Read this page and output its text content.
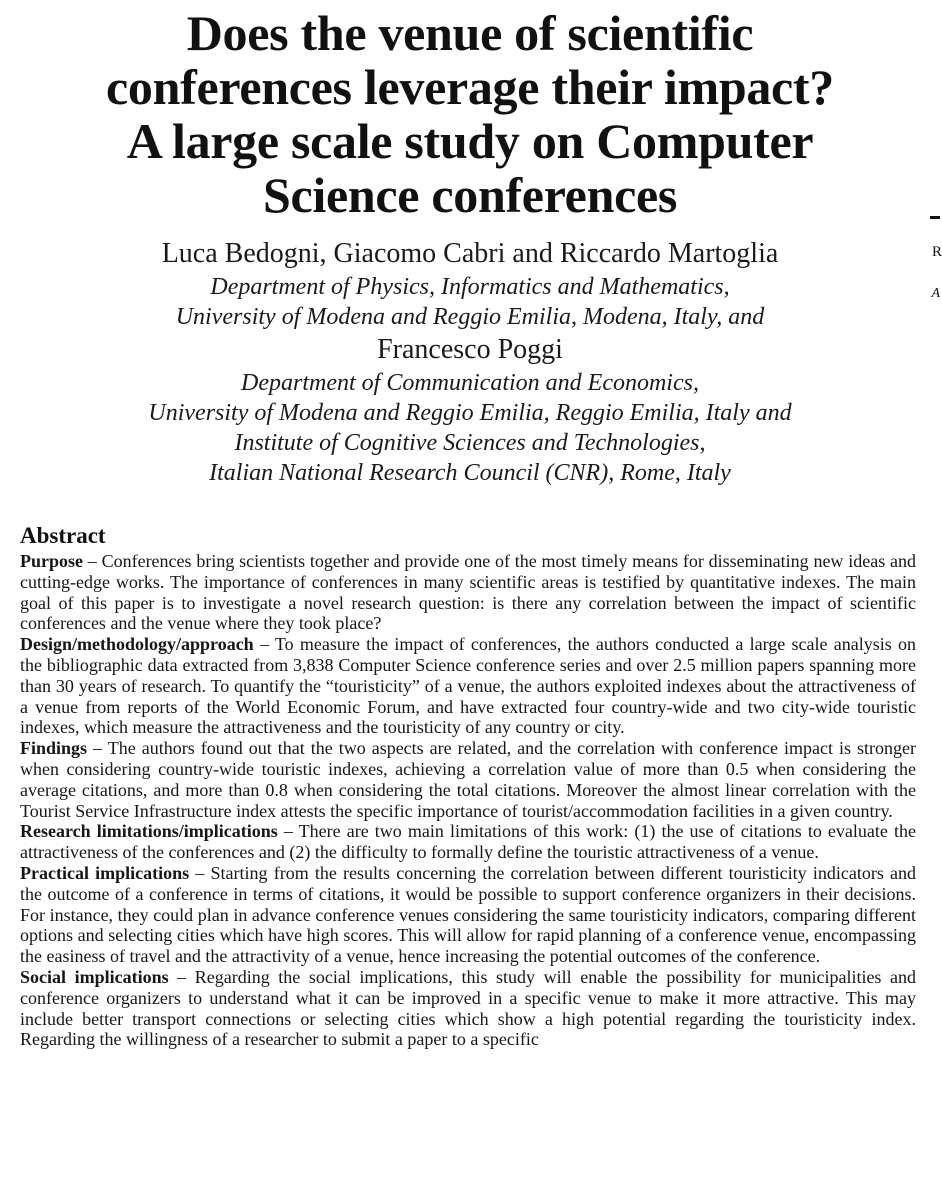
Does the venue of scientific
conferences leverage their impact?
A large scale study on Computer
Science conferences
R
A
Luca Bedogni, Giacomo Cabri and Riccardo Martoglia
Department of Physics, Informatics and Mathematics,
University of Modena and Reggio Emilia, Modena, Italy, and
Francesco Poggi
Department of Communication and Economics,
University of Modena and Reggio Emilia, Reggio Emilia, Italy and
Institute of Cognitive Sciences and Technologies,
Italian National Research Council (CNR), Rome, Italy
Abstract

Purpose – Conferences bring scientists together and provide one of the most timely means for disseminating new ideas and cutting-edge works. The importance of conferences in many scientific areas is testified by quantitative indexes. The main goal of this paper is to investigate a novel research question: is there any correlation between the impact of scientific conferences and the venue where they took place?

Design/methodology/approach – To measure the impact of conferences, the authors conducted a large scale analysis on the bibliographic data extracted from 3,838 Computer Science conference series and over 2.5 million papers spanning more than 30 years of research. To quantify the “touristicity” of a venue, the authors exploited indexes about the attractiveness of a venue from reports of the World Economic Forum, and have extracted four country-wide and two city-wide touristic indexes, which measure the attractiveness and the touristicity of any country or city.

Findings – The authors found out that the two aspects are related, and the correlation with conference impact is stronger when considering country-wide touristic indexes, achieving a correlation value of more than 0.5 when considering the average citations, and more than 0.8 when considering the total citations. Moreover the almost linear correlation with the Tourist Service Infrastructure index attests the specific importance of tourist/accommodation facilities in a given country.

Research limitations/implications – There are two main limitations of this work: (1) the use of citations to evaluate the attractiveness of the conferences and (2) the difficulty to formally define the touristic attractiveness of a venue.

Practical implications – Starting from the results concerning the correlation between different touristicity indicators and the outcome of a conference in terms of citations, it would be possible to support conference organizers in their decisions. For instance, they could plan in advance conference venues considering the same touristicity indicators, comparing different options and selecting cities which have high scores. This will allow for rapid planning of a conference venue, encompassing the easiness of travel and the attractivity of a venue, hence increasing the potential outcomes of the conference.

Social implications – Regarding the social implications, this study will enable the possibility for municipalities and conference organizers to understand what it can be improved in a specific venue to make it more attractive. This may include better transport connections or selecting cities which show a high potential regarding the touristicity index. Regarding the willingness of a researcher to submit a paper to a specific
